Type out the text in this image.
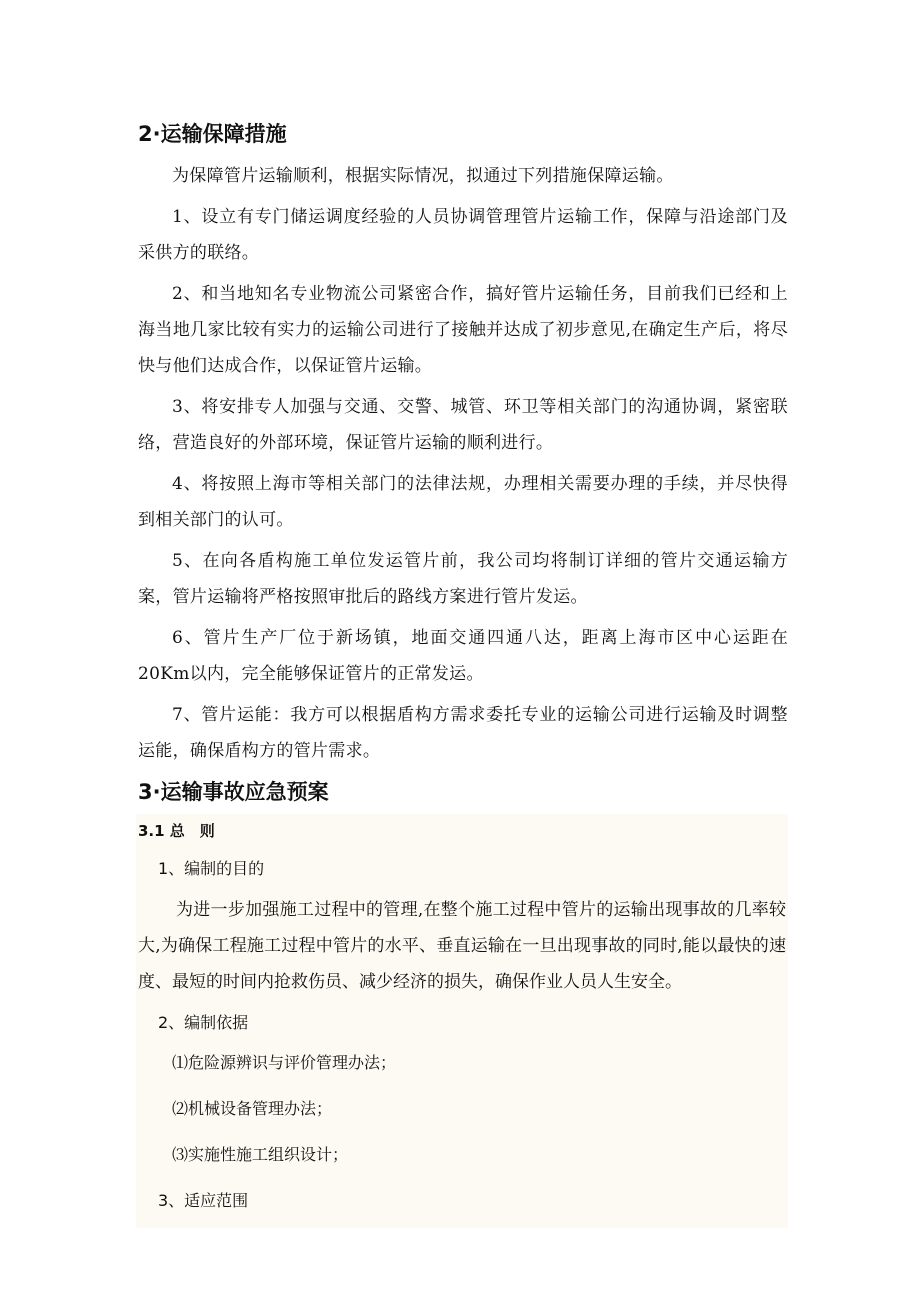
2·运输保障措施

为保障管片运输顺利，根据实际情况，拟通过下列措施保障运输。

1、设立有专门储运调度经验的人员协调管理管片运输工作，保障与沿途部门及采供方的联络。

2、和当地知名专业物流公司紧密合作，搞好管片运输任务，目前我们已经和上海当地几家比较有实力的运输公司进行了接触并达成了初步意见,在确定生产后，将尽快与他们达成合作，以保证管片运输。

3、将安排专人加强与交通、交警、城管、环卫等相关部门的沟通协调，紧密联络，营造良好的外部环境，保证管片运输的顺利进行。

4、将按照上海市等相关部门的法律法规，办理相关需要办理的手续，并尽快得到相关部门的认可。

5、在向各盾构施工单位发运管片前，我公司均将制订详细的管片交通运输方案，管片运输将严格按照审批后的路线方案进行管片发运。

6、管片生产厂位于新场镇，地面交通四通八达，距离上海市区中心运距在20Km以内，完全能够保证管片的正常发运。

7、管片运能：我方可以根据盾构方需求委托专业的运输公司进行运输及时调整运能，确保盾构方的管片需求。

3·运输事故应急预案
3.1 总　则
1、编制的目的

为进一步加强施工过程中的管理,在整个施工过程中管片的运输出现事故的几率较大,为确保工程施工过程中管片的水平、垂直运输在一旦出现事故的同时,能以最快的速度、最短的时间内抢救伤员、减少经济的损失，确保作业人员人生安全。

2、编制依据
⑴危险源辨识与评价管理办法；
⑵机械设备管理办法；
⑶实施性施工组织设计；
3、适应范围
